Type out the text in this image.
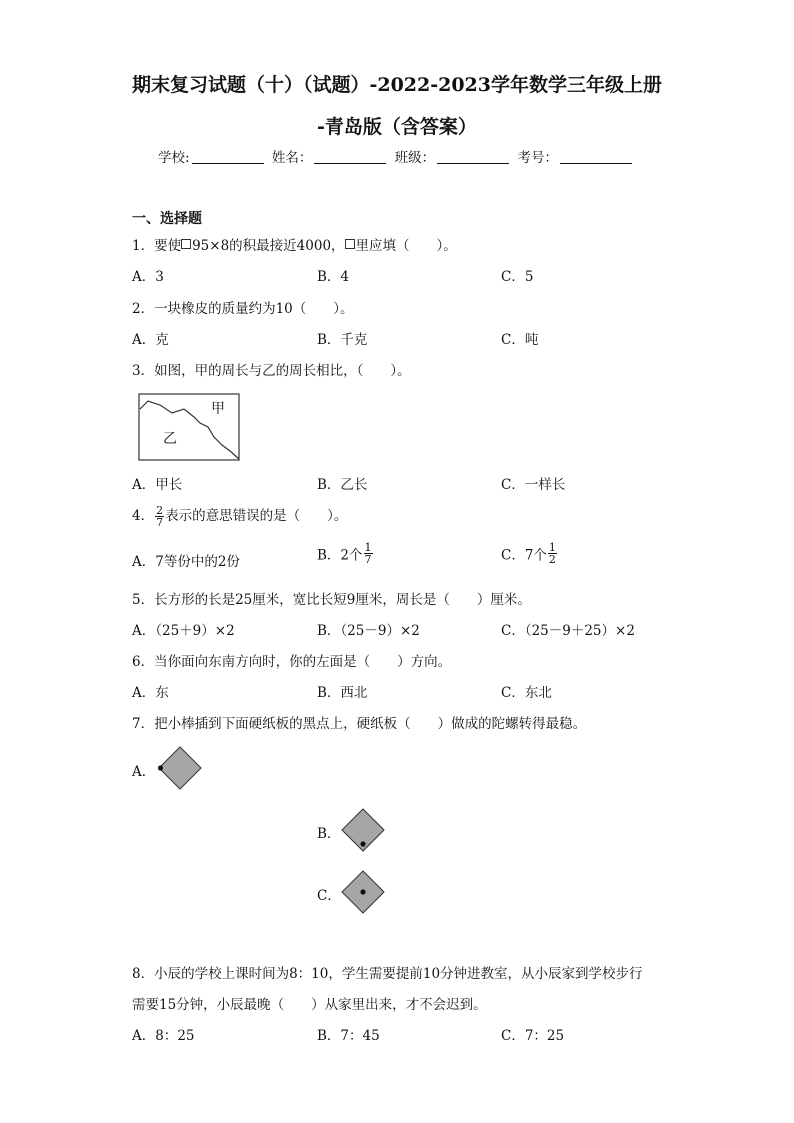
期末复习试题（十）（试题）-2022-2023学年数学三年级上册
-青岛版（含答案）
学校:	姓名：	班级：	考号：
一、选择题
1．要使 95×8的积最接近4000， 里应填（　　）。
A．3	B．4	C．5
2．一块橡皮的质量约为10（　　）。
A．克	B．千克	C．吨
3．如图，甲的周长与乙的周长相比，（　　）。
甲
乙
A．甲长	B．乙长	C．一样长
4． $\frac{2}{7}$ 表示的意思错误的是（　　）。
A．7等份中的2份	B．2个 $\frac{1}{7}$	C．7个 $\frac{1}{2}$
5．长方形的长是25厘米，宽比长短9厘米，周长是（　　）厘米。
A．（25＋9）×2	B．（25－9）×2	C．（25－9＋25）×2
6．当你面向东南方向时，你的左面是（　　）方向。
A．东	B．西北	C．东北
7．把小棒插到下面硬纸板的黑点上，硬纸板（　　）做成的陀螺转得最稳。
A．
B．
C．
8．小辰的学校上课时间为8：10，学生需要提前10分钟进教室，从小辰家到学校步行
需要15分钟，小辰最晚（　　）从家里出来，才不会迟到。
A．8：25	B．7：45	C．7：25
